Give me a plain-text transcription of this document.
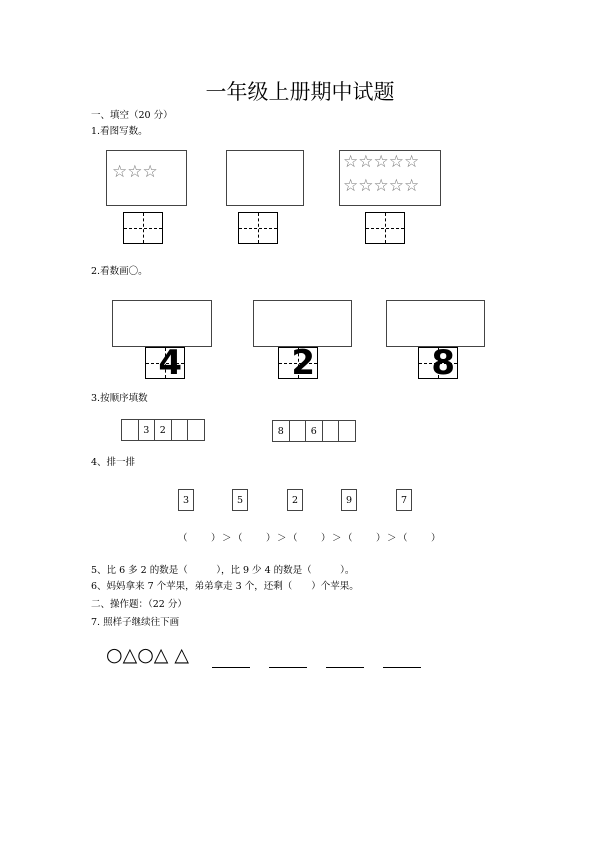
一年级上册期中试题
一、填空（20 分）
1.看图写数。
☆☆☆	☆☆☆☆☆
☆☆☆☆☆
2.看数画〇。
4	2	8
3.按顺序填数
3	2	8	6
4、排一排
3	5	2	9	7
（　　）＞（　　）＞（　　）＞（　　）＞（　　）
5、比 6 多 2 的数是（　　　），比 9 少 4 的数是（　　　）。
6、妈妈拿来 7 个苹果，弟弟拿走 3 个，还剩（　　）个苹果。
二、操作题：（22 分）
7. 照样子继续往下画
○△○△ △
